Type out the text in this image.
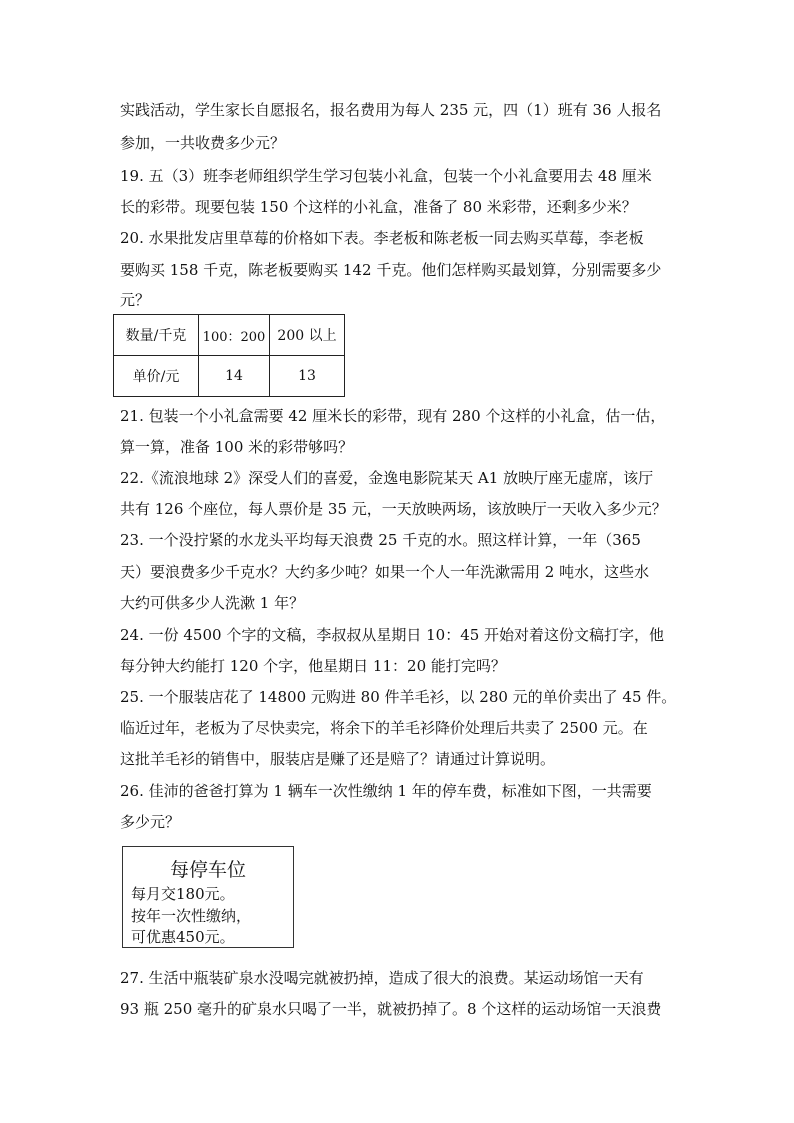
实践活动，学生家长自愿报名，报名费用为每人 235 元，四（1）班有 36 人报名
参加，一共收费多少元？
19. 五（3）班李老师组织学生学习包装小礼盒，包装一个小礼盒要用去 48 厘米
长的彩带。现要包装 150 个这样的小礼盒，准备了 80 米彩带，还剩多少米？
20. 水果批发店里草莓的价格如下表。李老板和陈老板一同去购买草莓，李老板
要购买 158 千克，陈老板要购买 142 千克。他们怎样购买最划算，分别需要多少
元？
数量/千克	100：200	200 以上
单价/元	14	13
21. 包装一个小礼盒需要 42 厘米长的彩带，现有 280 个这样的小礼盒，估一估，
算一算，准备 100 米的彩带够吗？
22.《流浪地球 2》深受人们的喜爱，金逸电影院某天 A1 放映厅座无虚席，该厅
共有 126 个座位，每人票价是 35 元，一天放映两场，该放映厅一天收入多少元？
23. 一个没拧紧的水龙头平均每天浪费 25 千克的水。照这样计算，一年（365
天）要浪费多少千克水？大约多少吨？如果一个人一年洗漱需用 2 吨水，这些水
大约可供多少人洗漱 1 年？
24. 一份 4500 个字的文稿，李叔叔从星期日 10：45 开始对着这份文稿打字，他
每分钟大约能打 120 个字，他星期日 11：20 能打完吗？
25. 一个服装店花了 14800 元购进 80 件羊毛衫，以 280 元的单价卖出了 45 件。
临近过年，老板为了尽快卖完，将余下的羊毛衫降价处理后共卖了 2500 元。在
这批羊毛衫的销售中，服装店是赚了还是赔了？请通过计算说明。
26. 佳沛的爸爸打算为 1 辆车一次性缴纳 1 年的停车费，标准如下图，一共需要
多少元？
每停车位
每月交180元。
按年一次性缴纳，
可优惠450元。
27. 生活中瓶装矿泉水没喝完就被扔掉，造成了很大的浪费。某运动场馆一天有
93 瓶 250 毫升的矿泉水只喝了一半，就被扔掉了。8 个这样的运动场馆一天浪费
